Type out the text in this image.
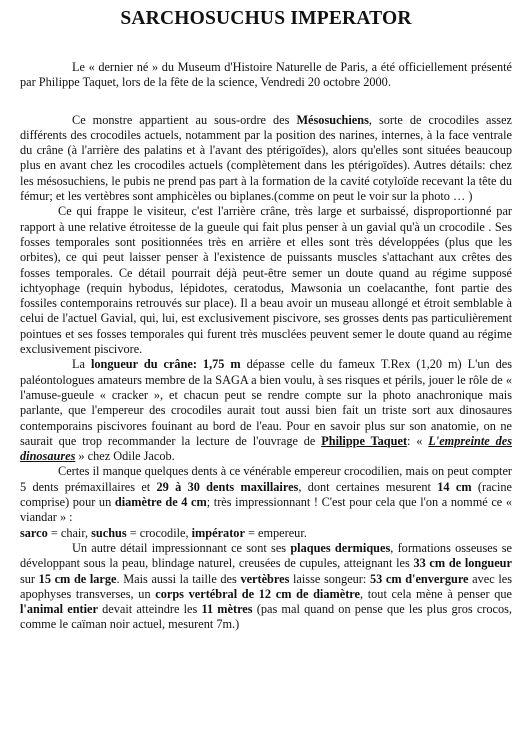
SARCHOSUCHUS IMPERATOR

Le « dernier né » du Museum d'Histoire Naturelle de Paris, a été officiellement présenté par Philippe Taquet, lors de la fête de la science, Vendredi 20 octobre 2000.

Ce monstre appartient au sous-ordre des Mésosuchiens, sorte de crocodiles assez différents des crocodiles actuels, notamment par la position des narines, internes, à la face ventrale du crâne (à l'arrière des palatins et à l'avant des ptérigoïdes), alors qu'elles sont situées beaucoup plus en avant chez les crocodiles actuels (complètement dans les ptérigoïdes). Autres détails: chez les mésosuchiens, le pubis ne prend pas part à la formation de la cavité cotyloïde recevant la tête du fémur; et les vertèbres sont amphicèles ou biplanes.(comme on peut le voir sur la photo … )

Ce qui frappe le visiteur, c'est l'arrière crâne, très large et surbaissé, disproportionné par rapport à une relative étroitesse de la gueule qui fait plus penser à un gavial qu'à un crocodile . Ses fosses temporales sont positionnées très en arrière et elles sont très développées (plus que les orbites), ce qui peut laisser penser à l'existence de puissants muscles s'attachant aux crêtes des fosses temporales. Ce détail pourrait déjà peut-être semer un doute quand au régime supposé ichtyophage (requin hybodus, lépidotes, ceratodus, Mawsonia un coelacanthe, font partie des fossiles contemporains retrouvés sur place). Il a beau avoir un museau allongé et étroit semblable à celui de l'actuel Gavial, qui, lui, est exclusivement piscivore, ses grosses dents pas particulièrement pointues et ses fosses temporales qui furent très musclées peuvent semer le doute quand au régime exclusivement piscivore.

La longueur du crâne: 1,75 m dépasse celle du fameux T.Rex (1,20 m) L'un des paléontologues amateurs membre de la SAGA a bien voulu, à ses risques et périls, jouer le rôle de « l'amuse-gueule « cracker », et chacun peut se rendre compte sur la photo anachronique mais parlante, que l'empereur des crocodiles aurait tout aussi bien fait un triste sort aux dinosaures contemporains piscivores fouinant au bord de l'eau. Pour en savoir plus sur son anatomie, on ne saurait que trop recommander la lecture de l'ouvrage de Philippe Taquet: « L'empreinte des dinosaures » chez Odile Jacob.

Certes il manque quelques dents à ce vénérable empereur crocodilien, mais on peut compter 5 dents prémaxillaires et 29 à 30 dents maxillaires, dont certaines mesurent 14 cm (racine comprise) pour un diamètre de 4 cm; très impressionnant ! C'est pour cela que l'on a nommé ce « viandar » :

sarco = chair, suchus = crocodile, impérator = empereur.

Un autre détail impressionnant ce sont ses plaques dermiques, formations osseuses se développant sous la peau, blindage naturel, creusées de cupules, atteignant les 33 cm de longueur sur 15 cm de large. Mais aussi la taille des vertèbres laisse songeur: 53 cm d'envergure avec les apophyses transverses, un corps vertébral de 12 cm de diamètre, tout cela mène à penser que l'animal entier devait atteindre les 11 mètres (pas mal quand on pense que les plus gros crocos, comme le caïman noir actuel, mesurent 7m.)
